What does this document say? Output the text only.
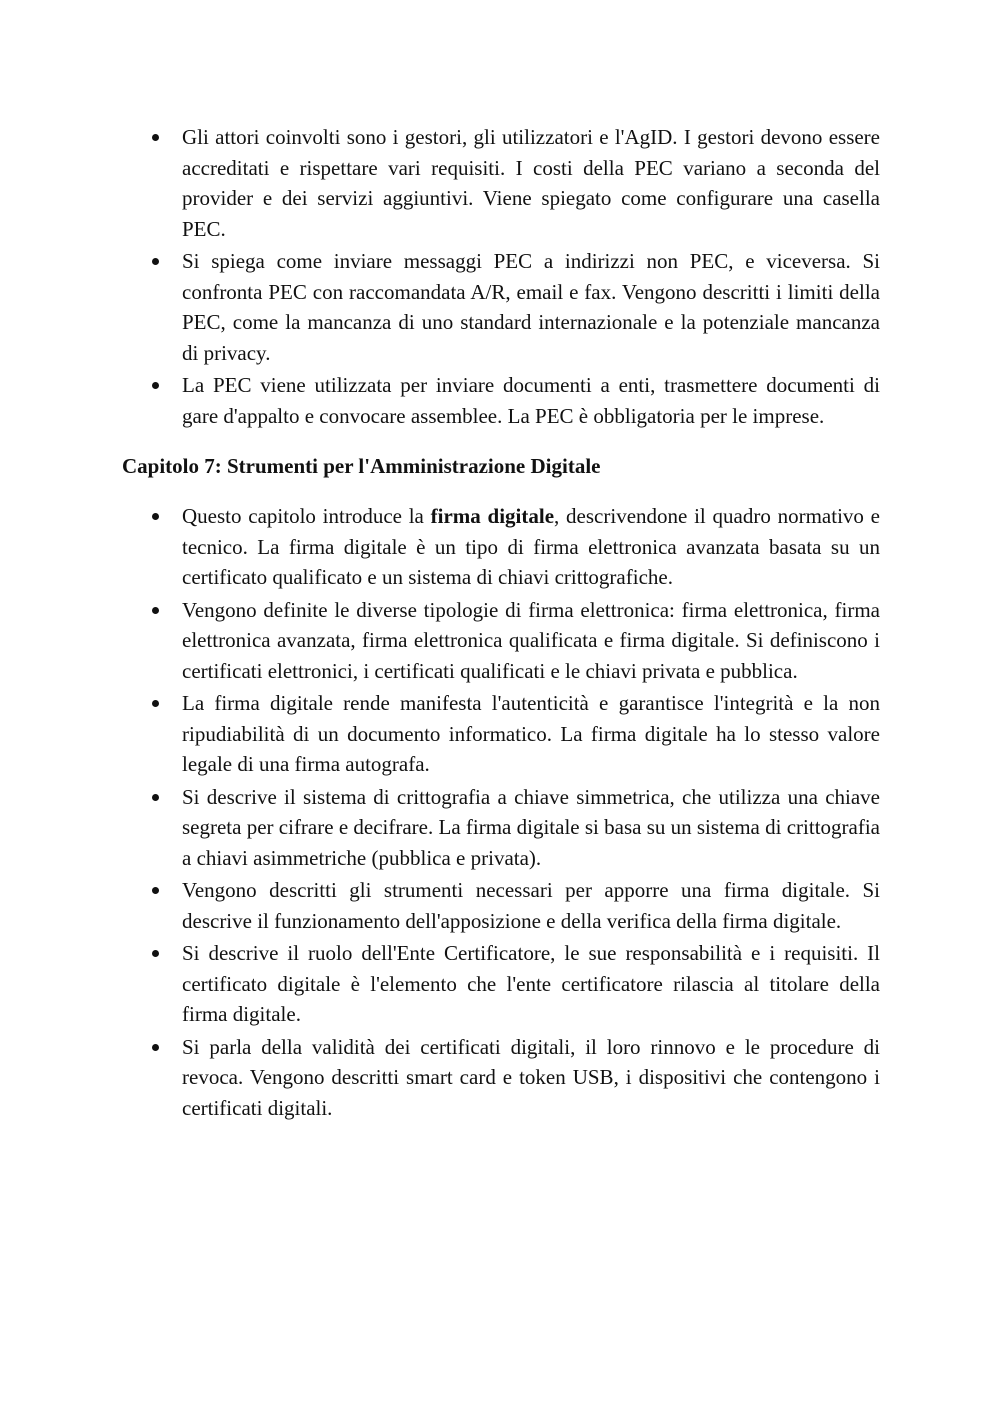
Gli attori coinvolti sono i gestori, gli utilizzatori e l'AgID. I gestori devono essere accreditati e rispettare vari requisiti. I costi della PEC variano a seconda del provider e dei servizi aggiuntivi. Viene spiegato come configurare una casella PEC.
Si spiega come inviare messaggi PEC a indirizzi non PEC, e viceversa. Si confronta PEC con raccomandata A/R, email e fax. Vengono descritti i limiti della PEC, come la mancanza di uno standard internazionale e la potenziale mancanza di privacy.
La PEC viene utilizzata per inviare documenti a enti, trasmettere documenti di gare d'appalto e convocare assemblee. La PEC è obbligatoria per le imprese.
Capitolo 7: Strumenti per l'Amministrazione Digitale
Questo capitolo introduce la firma digitale, descrivendone il quadro normativo e tecnico. La firma digitale è un tipo di firma elettronica avanzata basata su un certificato qualificato e un sistema di chiavi crittografiche.
Vengono definite le diverse tipologie di firma elettronica: firma elettronica, firma elettronica avanzata, firma elettronica qualificata e firma digitale. Si definiscono i certificati elettronici, i certificati qualificati e le chiavi privata e pubblica.
La firma digitale rende manifesta l'autenticità e garantisce l'integrità e la non ripudiabilità di un documento informatico. La firma digitale ha lo stesso valore legale di una firma autografa.
Si descrive il sistema di crittografia a chiave simmetrica, che utilizza una chiave segreta per cifrare e decifrare. La firma digitale si basa su un sistema di crittografia a chiavi asimmetriche (pubblica e privata).
Vengono descritti gli strumenti necessari per apporre una firma digitale. Si descrive il funzionamento dell'apposizione e della verifica della firma digitale.
Si descrive il ruolo dell'Ente Certificatore, le sue responsabilità e i requisiti. Il certificato digitale è l'elemento che l'ente certificatore rilascia al titolare della firma digitale.
Si parla della validità dei certificati digitali, il loro rinnovo e le procedure di revoca. Vengono descritti smart card e token USB, i dispositivi che contengono i certificati digitali.
